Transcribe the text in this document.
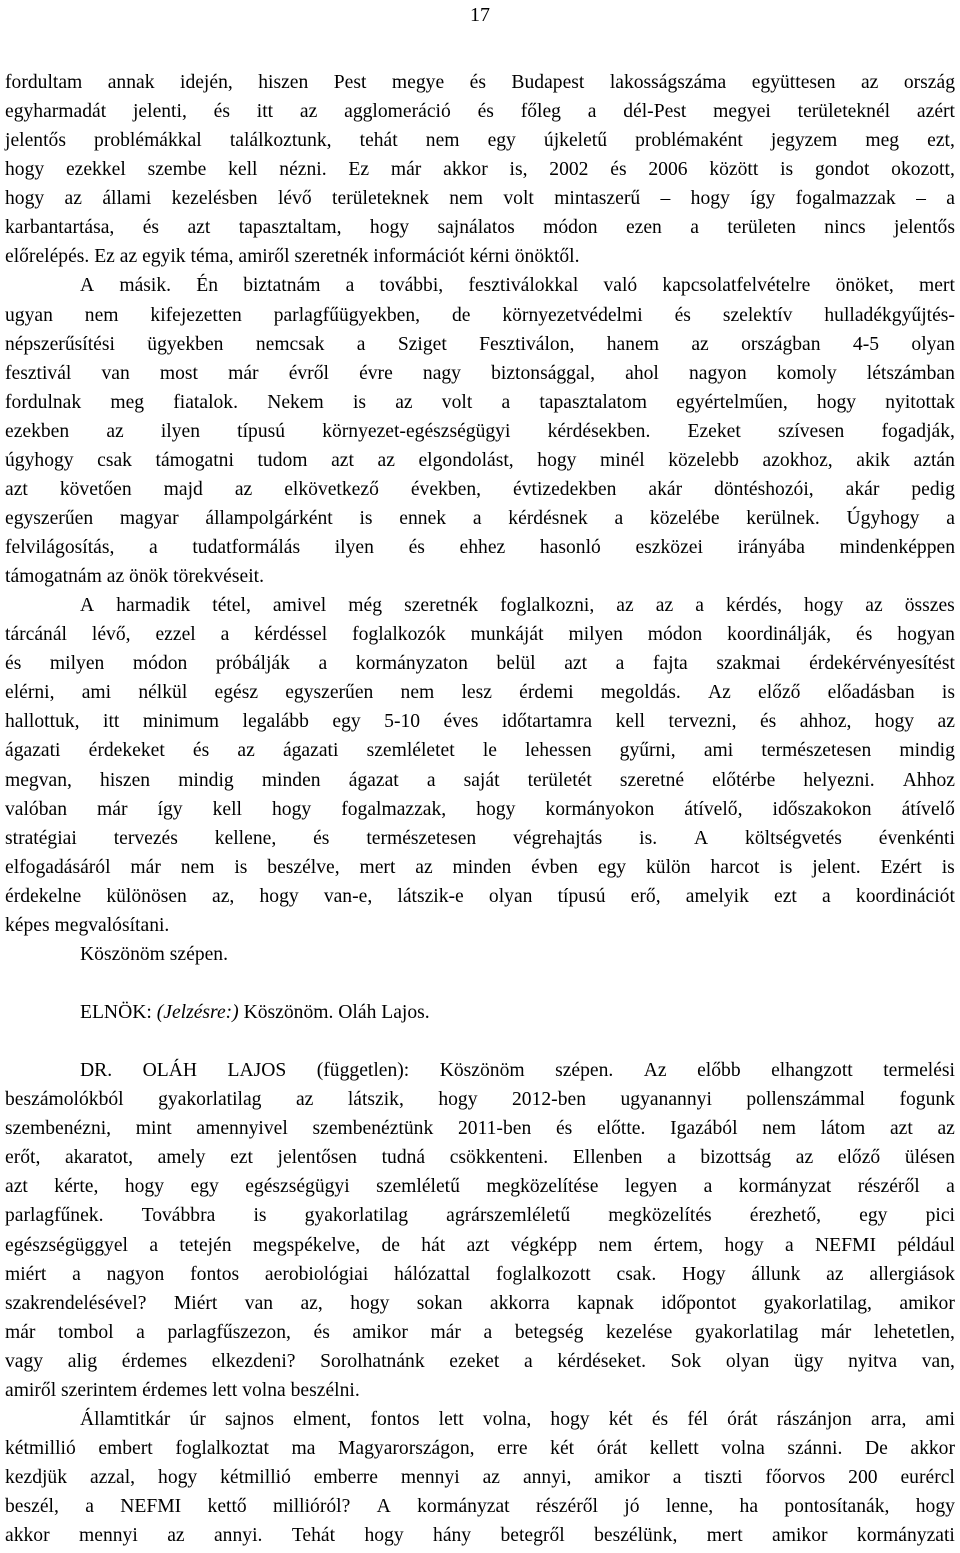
17
fordultam annak idején, hiszen Pest megye és Budapest lakosságszáma együttesen az ország
egyharmadát jelenti, és itt az agglomeráció és főleg a dél-Pest megyei területeknél azért
jelentős problémákkal találkoztunk, tehát nem egy újkeletű problémaként jegyzem meg ezt,
hogy ezekkel szembe kell nézni. Ez már akkor is, 2002 és 2006 között is gondot okozott,
hogy az állami kezelésben lévő területeknek nem volt mintaszerű – hogy így fogalmazzak – a
karbantartása, és azt tapasztaltam, hogy sajnálatos módon ezen a területen nincs jelentős
előrelépés. Ez az egyik téma, amiről szeretnék információt kérni önöktől.
A másik. Én biztatnám a további, fesztiválokkal való kapcsolatfelvételre önöket, mert
ugyan nem kifejezetten parlagfűügyekben, de környezetvédelmi és szelektív hulladékgyűjtés-
népszerűsítési ügyekben nemcsak a Sziget Fesztiválon, hanem az országban 4-5 olyan
fesztivál van most már évről évre nagy biztonsággal, ahol nagyon komoly létszámban
fordulnak meg fiatalok. Nekem is az volt a tapasztalatom egyértelműen, hogy nyitottak
ezekben az ilyen típusú környezet-egészségügyi kérdésekben. Ezeket szívesen fogadják,
úgyhogy csak támogatni tudom azt az elgondolást, hogy minél közelebb azokhoz, akik aztán
azt követően majd az elkövetkező években, évtizedekben akár döntéshozói, akár pedig
egyszerűen magyar állampolgárként is ennek a kérdésnek a közelébe kerülnek. Úgyhogy a
felvilágosítás, a tudatformálás ilyen és ehhez hasonló eszközei irányába mindenképpen
támogatnám az önök törekvéseit.
A harmadik tétel, amivel még szeretnék foglalkozni, az az a kérdés, hogy az összes
tárcánál lévő, ezzel a kérdéssel foglalkozók munkáját milyen módon koordinálják, és hogyan
és milyen módon próbálják a kormányzaton belül azt a fajta szakmai érdekérvényesítést
elérni, ami nélkül egész egyszerűen nem lesz érdemi megoldás. Az előző előadásban is
hallottuk, itt minimum legalább egy 5-10 éves időtartamra kell tervezni, és ahhoz, hogy az
ágazati érdekeket és az ágazati szemléletet le lehessen gyűrni, ami természetesen mindig
megvan, hiszen mindig minden ágazat a saját területét szeretné előtérbe helyezni. Ahhoz
valóban már így kell hogy fogalmazzak, hogy kormányokon átívelő, időszakokon átívelő
stratégiai tervezés kellene, és természetesen végrehajtás is. A költségvetés évenkénti
elfogadásáról már nem is beszélve, mert az minden évben egy külön harcot is jelent. Ezért is
érdekelne különösen az, hogy van-e, látszik-e olyan típusú erő, amelyik ezt a koordinációt
képes megvalósítani.
Köszönöm szépen.
ELNÖK: (Jelzésre:) Köszönöm. Oláh Lajos.
DR. OLÁH LAJOS (független): Köszönöm szépen. Az előbb elhangzott termelési
beszámolókból gyakorlatilag az látszik, hogy 2012-ben ugyanannyi pollenszámmal fogunk
szembenézni, mint amennyivel szembenéztünk 2011-ben és előtte. Igazából nem látom azt az
erőt, akaratot, amely ezt jelentősen tudná csökkenteni. Ellenben a bizottság az előző ülésen
azt kérte, hogy egy egészségügyi szemléletű megközelítése legyen a kormányzat részéről a
parlagfűnek. Továbbra is gyakorlatilag agrárszemléletű megközelítés érezhető, egy pici
egészségüggyel a tetején megspékelve, de hát azt végképp nem értem, hogy a NEFMI például
miért a nagyon fontos aerobiológiai hálózattal foglalkozott csak. Hogy állunk az allergiások
szakrendelésével? Miért van az, hogy sokan akkorra kapnak időpontot gyakorlatilag, amikor
már tombol a parlagfűszezon, és amikor már a betegség kezelése gyakorlatilag már lehetetlen,
vagy alig érdemes elkezdeni? Sorolhatnánk ezeket a kérdéseket. Sok olyan ügy nyitva van,
amiről szerintem érdemes lett volna beszélni.
Államtitkár úr sajnos elment, fontos lett volna, hogy két és fél órát rászánjon arra, ami
kétmillió embert foglalkoztat ma Magyarországon, erre két órát kellett volna szánni. De akkor
kezdjük azzal, hogy kétmillió emberre mennyi az annyi, amikor a tiszti főorvos 200 eurércl
beszél, a NEFMI kettő millióról? A kormányzat részéről jó lenne, ha pontosítanák, hogy
akkor mennyi az annyi. Tehát hogy hány betegről beszélünk, mert amikor kormányzati
